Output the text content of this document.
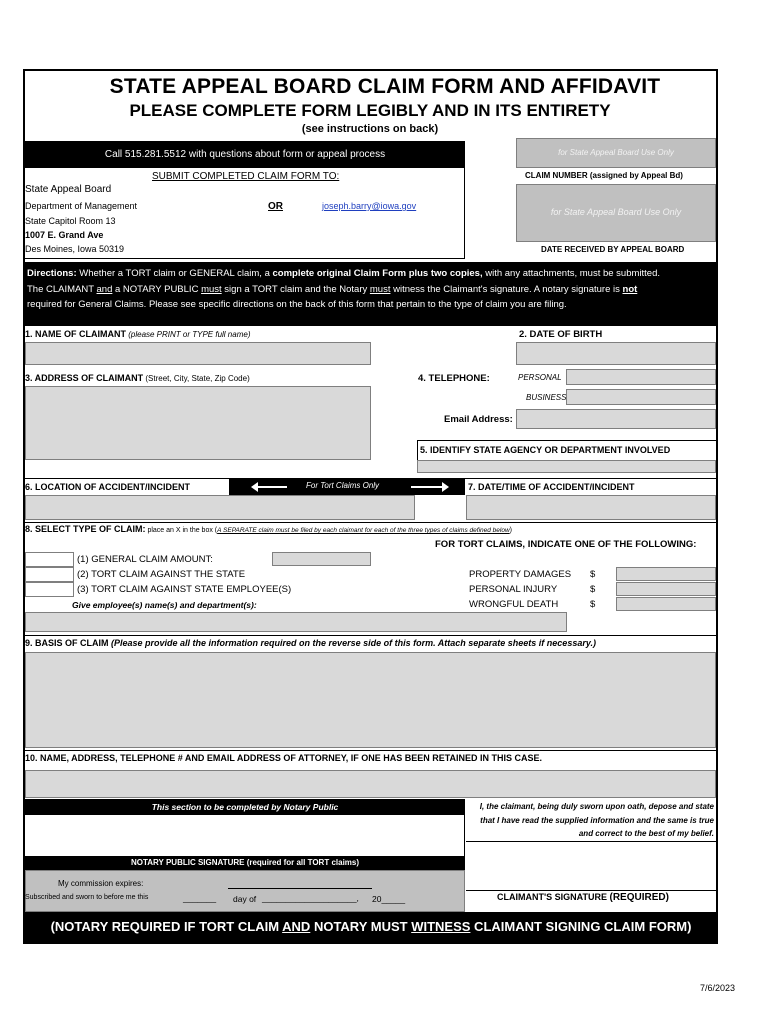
STATE APPEAL BOARD CLAIM FORM AND AFFIDAVIT
PLEASE COMPLETE FORM LEGIBLY AND IN ITS ENTIRETY
(see instructions on back)
Call 515.281.5512 with questions about form or appeal process
SUBMIT COMPLETED CLAIM FORM TO:
State Appeal Board
Department of Management
State Capitol Room 13
1007 E. Grand Ave
Des Moines, Iowa 50319
OR	joseph.barry@iowa.gov
for State Appeal Board Use Only
CLAIM NUMBER (assigned by Appeal Bd)
for State Appeal Board Use Only
DATE RECEIVED BY APPEAL BOARD
Directions: Whether a TORT claim or GENERAL claim, a complete original Claim Form plus two copies, with any attachments, must be submitted.
The CLAIMANT and a NOTARY PUBLIC must sign a TORT claim and the Notary must witness the Claimant's signature. A notary signature is not
required for General Claims. Please see specific directions on the back of this form that pertain to the type of claim you are filing.
1. NAME OF CLAIMANT (please PRINT or TYPE full name)	2. DATE OF BIRTH
3. ADDRESS OF CLAIMANT (Street, City, State, Zip Code)	4. TELEPHONE:	PERSONAL
BUSINESS
Email Address:
5. IDENTIFY STATE AGENCY OR DEPARTMENT INVOLVED
6. LOCATION OF ACCIDENT/INCIDENT	For Tort Claims Only	7. DATE/TIME OF ACCIDENT/INCIDENT
8. SELECT TYPE OF CLAIM: place an X in the box (A SEPARATE claim must be filed by each claimant for each of the three types of claims defined below)
FOR TORT CLAIMS, INDICATE ONE OF THE FOLLOWING:
(1) GENERAL CLAIM AMOUNT:
(2) TORT CLAIM AGAINST THE STATE
(3) TORT CLAIM AGAINST STATE EMPLOYEE(S)
Give employee(s) name(s) and department(s):
PROPERTY DAMAGES $
PERSONAL INJURY	$
WRONGFUL DEATH	$
9. BASIS OF CLAIM (Please provide all the information required on the reverse side of this form. Attach separate sheets if necessary.)
10. NAME, ADDRESS, TELEPHONE # AND EMAIL ADDRESS OF ATTORNEY, IF ONE HAS BEEN RETAINED IN THIS CASE.
This section to be completed by Notary Public
NOTARY PUBLIC SIGNATURE (required for all TORT claims)
My commission expires:
Subscribed and sworn to before me this	_______ day of ____________________, 20_____
I, the claimant, being duly sworn upon oath, depose and state that I have read the supplied information and the same is true and correct to the best of my belief.
CLAIMANT'S SIGNATURE (REQUIRED)
(NOTARY REQUIRED IF TORT CLAIM AND NOTARY MUST WITNESS CLAIMANT SIGNING CLAIM FORM)
7/6/2023
